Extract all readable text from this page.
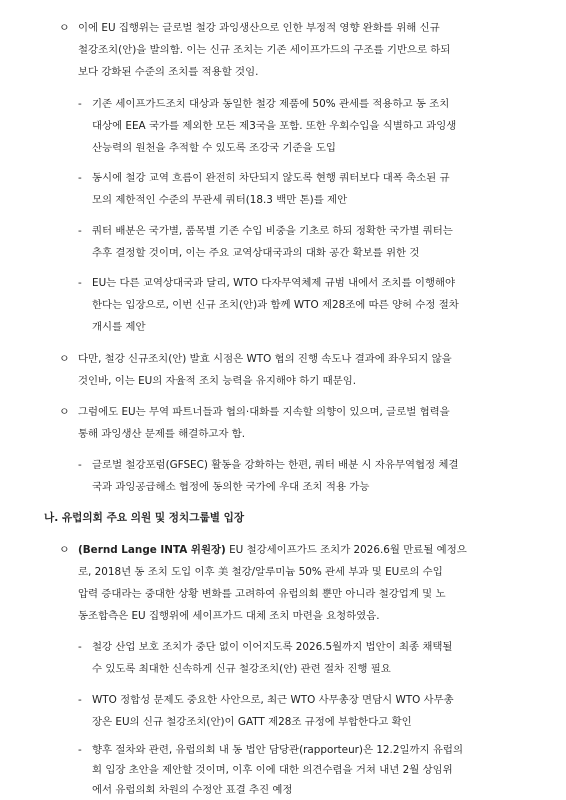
ㅇ 이에 EU 집행위는 글로벌 철강 과잉생산으로 인한 부정적 영향 완화를 위해 신규
철강조치(안)을 발의함. 이는 신규 조치는 기존 세이프가드의 구조를 기반으로 하되
보다 강화된 수준의 조치를 적용할 것임.
- 기존 세이프가드조치 대상과 동일한 철강 제품에 50% 관세를 적용하고 동 조치
대상에 EEA 국가를 제외한 모든 제3국을 포함. 또한 우회수입을 식별하고 과잉생
산능력의 원천을 추적할 수 있도록 조강국 기준을 도입
- 동시에 철강 교역 흐름이 완전히 차단되지 않도록 현행 쿼터보다 대폭 축소된 규
모의 제한적인 수준의 무관세 쿼터(18.3 백만 톤)를 제안
- 쿼터 배분은 국가별, 품목별 기존 수입 비중을 기초로 하되 정확한 국가별 쿼터는
추후 결정할 것이며, 이는 주요 교역상대국과의 대화 공간 확보를 위한 것
- EU는 다른 교역상대국과 달리, WTO 다자무역체제 규범 내에서 조치를 이행해야
한다는 입장으로, 이번 신규 조치(안)과 함께 WTO 제28조에 따른 양허 수정 절차
개시를 제안
ㅇ 다만, 철강 신규조치(안) 발효 시점은 WTO 협의 진행 속도나 결과에 좌우되지 않을
것인바, 이는 EU의 자율적 조치 능력을 유지해야 하기 때문임.
ㅇ 그럼에도 EU는 무역 파트너들과 협의·대화를 지속할 의향이 있으며, 글로벌 협력을
통해 과잉생산 문제를 해결하고자 함.
- 글로벌 철강포럼(GFSEC) 활동을 강화하는 한편, 쿼터 배분 시 자유무역협정 체결
국과 과잉공급해소 협정에 동의한 국가에 우대 조치 적용 가능
나. 유럽의회 주요 의원 및 정치그룹별 입장
ㅇ (Bernd Lange INTA 위원장) EU 철강세이프가드 조치가 2026.6월 만료될 예정으
로, 2018년 동 조치 도입 이후 美 철강/알루미늄 50% 관세 부과 및 EU로의 수입
압력 증대라는 중대한 상황 변화를 고려하여 유럽의회 뿐만 아니라 철강업계 및 노
동조합측은 EU 집행위에 세이프가드 대체 조치 마련을 요청하였음.
- 철강 산업 보호 조치가 중단 없이 이어지도록 2026.5월까지 법안이 최종 채택될
수 있도록 최대한 신속하게 신규 철강조치(안) 관련 절차 진행 필요
- WTO 정합성 문제도 중요한 사안으로, 최근 WTO 사무총장 면담시 WTO 사무총
장은 EU의 신규 철강조치(안)이 GATT 제28조 규정에 부합한다고 확인
- 향후 절차와 관련, 유럽의회 내 동 법안 담당관(rapporteur)은 12.2일까지 유럽의
회 입장 초안을 제안할 것이며, 이후 이에 대한 의견수렴을 거쳐 내년 2월 상임위
에서 유럽의회 차원의 수정안 표결 추진 예정
